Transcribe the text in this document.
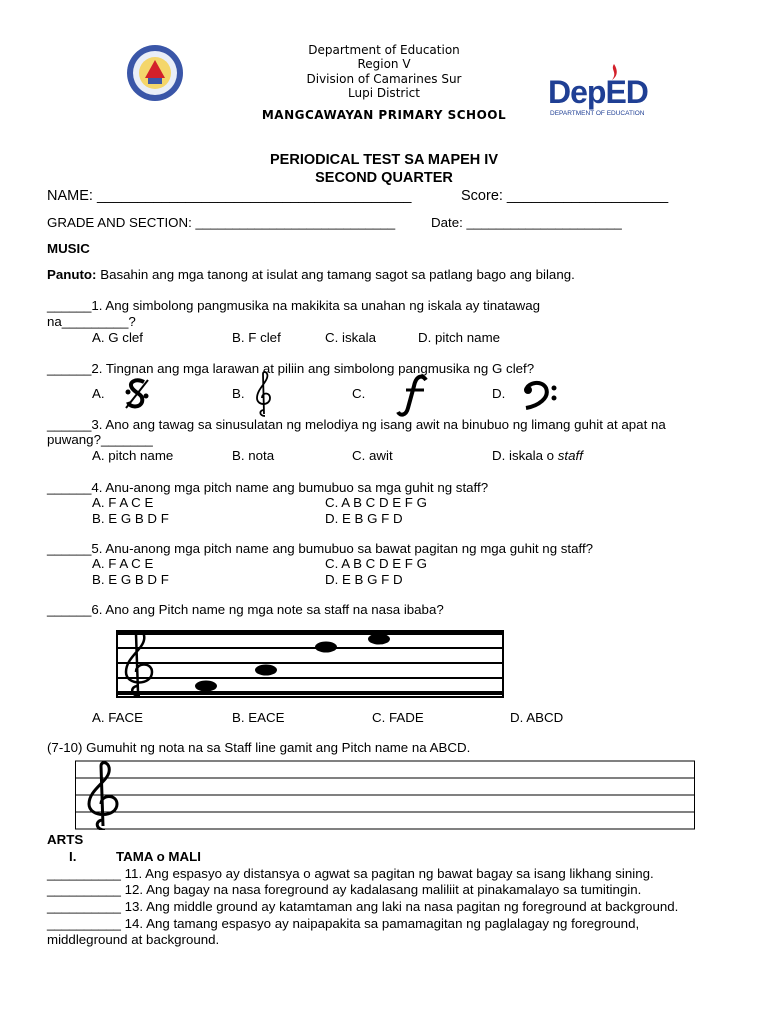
Department of Education
Region V
Division of Camarines Sur
Lupi District
MANGCAWAYAN PRIMARY SCHOOL
DepED
DEPARTMENT OF EDUCATION
PERIODICAL TEST SA MAPEH IV
SECOND QUARTER
NAME: _______________________________________	Score: ____________________
GRADE AND SECTION: ___________________________	Date: _____________________
MUSIC
Panuto: Basahin ang mga tanong at isulat ang tamang sagot sa patlang bago ang bilang.
______1. Ang simbolong pangmusika na makikita sa unahan ng iskala ay tinatawag
na_________?
A. G clef	B. F clef	C. iskala	D. pitch name
______2. Tingnan ang mga larawan at piliin ang simbolong pangmusika ng G clef?
A.	B.	C.	D.
______3. Ano ang tawag sa sinusulatan ng melodiya ng isang awit na binubuo ng limang guhit at apat na
puwang?_______
A. pitch name	B. nota	C. awit	D. iskala o staff
______4. Anu-anong mga pitch name ang bumubuo sa mga guhit ng staff?
A. F A C E
B. E G B D F
C. A B C D E F G
D. E B G F D
______5. Anu-anong mga pitch name ang bumubuo sa bawat pagitan ng mga guhit ng staff?
A. F A C E
B. E G B D F
C. A B C D E F G
D. E B G F D
______6. Ano ang Pitch name ng mga note sa staff na nasa ibaba?
A. FACE	B. EACE	C. FADE	D. ABCD
(7-10) Gumuhit ng nota na sa Staff line gamit ang Pitch name na ABCD.
ARTS
I.	TAMA o MALI
__________ 11. Ang espasyo ay distansya o agwat sa pagitan ng bawat bagay sa isang likhang sining.
__________ 12. Ang bagay na nasa foreground ay kadalasang maliliit at pinakamalayo sa tumitingin.
__________ 13. Ang middle ground ay katamtaman ang laki na nasa pagitan ng foreground at background.
__________ 14. Ang tamang espasyo ay naipapakita sa pamamagitan ng paglalagay ng foreground,
middleground at background.
